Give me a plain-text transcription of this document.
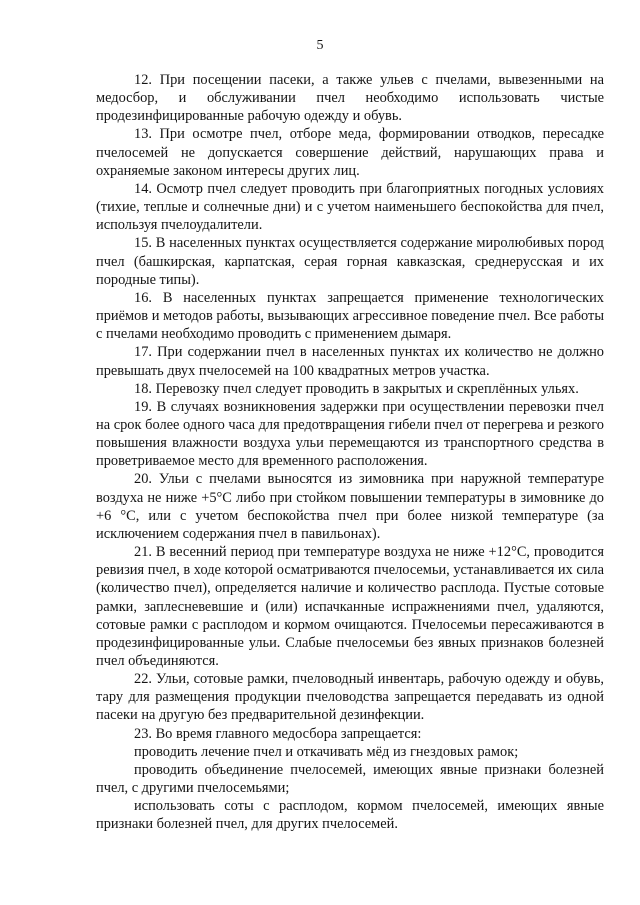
5

12. При посещении пасеки, а также ульев с пчелами, вывезенными на медосбор, и обслуживании пчел необходимо использовать чистые продезинфицированные рабочую одежду и обувь.

13. При осмотре пчел, отборе меда, формировании отводков, пересадке пчелосемей не допускается совершение действий, нарушающих права и охраняемые законом интересы других лиц.

14. Осмотр пчел следует проводить при благоприятных погодных условиях (тихие, теплые и солнечные дни) и с учетом наименьшего беспокойства для пчел, используя пчелоудалители.

15. В населенных пунктах осуществляется содержание миролюбивых пород пчел (башкирская, карпатская, серая горная кавказская, среднерусская и их породные типы).

16. В населенных пунктах запрещается применение технологических приёмов и методов работы, вызывающих агрессивное поведение пчел. Все работы с пчелами необходимо проводить с применением дымаря.

17. При содержании пчел в населенных пунктах их количество не должно превышать двух пчелосемей на 100 квадратных метров участка.

18. Перевозку пчел следует проводить в закрытых и скреплённых ульях.

19. В случаях возникновения задержки при осуществлении перевозки пчел на срок более одного часа для предотвращения гибели пчел от перегрева и резкого повышения влажности воздуха ульи перемещаются из транспортного средства в проветриваемое место для временного расположения.

20. Ульи с пчелами выносятся из зимовника при наружной температуре воздуха не ниже +5°С либо при стойком повышении температуры в зимовнике до +6 °С, или с учетом беспокойства пчел при более низкой температуре (за исключением содержания пчел в павильонах).

21. В весенний период при температуре воздуха не ниже +12°С, проводится ревизия пчел, в ходе которой осматриваются пчелосемьи, устанавливается их сила (количество пчел), определяется наличие и количество расплода. Пустые сотовые рамки, заплесневевшие и (или) испачканные испражнениями пчел, удаляются, сотовые рамки с расплодом и кормом очищаются. Пчелосемьи пересаживаются в продезинфицированные ульи. Слабые пчелосемьи без явных признаков болезней пчел объединяются.

22. Ульи, сотовые рамки, пчеловодный инвентарь, рабочую одежду и обувь, тару для размещения продукции пчеловодства запрещается передавать из одной пасеки на другую без предварительной дезинфекции.

23. Во время главного медосбора запрещается:

проводить лечение пчел и откачивать мёд из гнездовых рамок;

проводить объединение пчелосемей, имеющих явные признаки болезней пчел, с другими пчелосемьями;

использовать соты с расплодом, кормом пчелосемей, имеющих явные признаки болезней пчел, для других пчелосемей.
